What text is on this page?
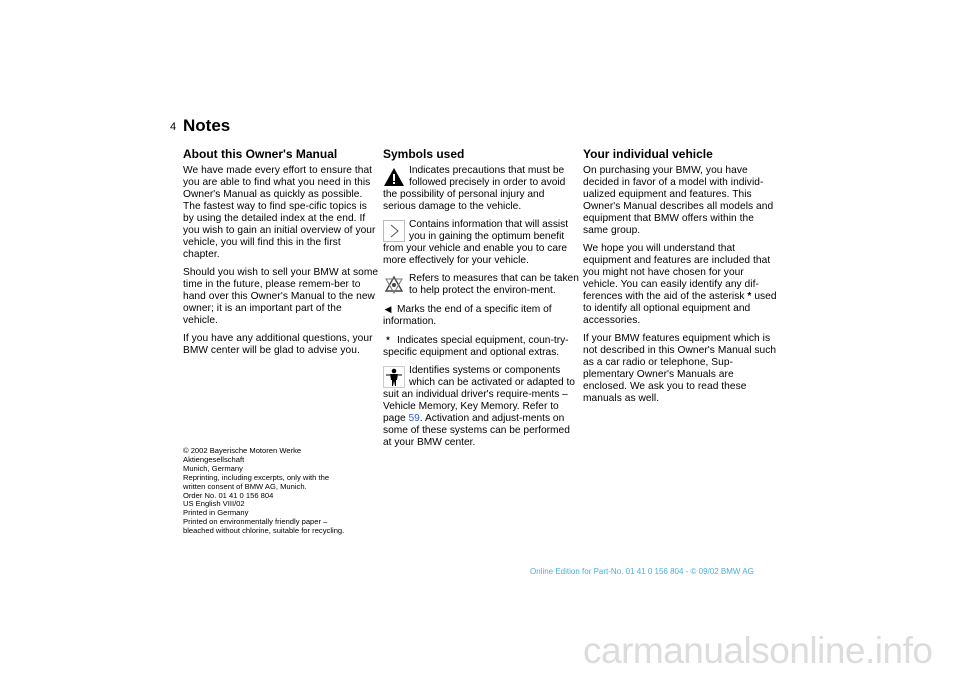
4 Notes
About this Owner's Manual

We have made every effort to ensure that you are able to find what you need in this Owner's Manual as quickly as possible. The fastest way to find spe-cific topics is by using the detailed index at the end. If you wish to gain an initial overview of your vehicle, you will find this in the first chapter.

Should you wish to sell your BMW at some time in the future, please remem-ber to hand over this Owner's Manual to the new owner; it is an important part of the vehicle.

If you have any additional questions, your BMW center will be glad to advise you.

© 2002 Bayerische Motoren Werke
Aktiengesellschaft
Munich, Germany
Reprinting, including excerpts, only with the
written consent of BMW AG, Munich.
Order No. 01 41 0 156 804
US English VIII/02
Printed in Germany
Printed on environmentally friendly paper –
bleached without chlorine, suitable for recycling.
Symbols used
Indicates precautions that must be followed precisely in order to avoid the possibility of personal injury and serious damage to the vehicle.
Contains information that will assist you in gaining the optimum benefit from your vehicle and enable you to care more effectively for your vehicle.
Refers to measures that can be taken to help protect the environ-ment.
◀ Marks the end of a specific item of information.
* Indicates special equipment, coun-try-specific equipment and optional extras.
Identifies systems or components which can be activated or adapted to suit an individual driver's require-ments – Vehicle Memory, Key Memory. Refer to page 59. Activation and adjust-ments on some of these systems can be performed at your BMW center.
Your individual vehicle

On purchasing your BMW, you have decided in favor of a model with individ-ualized equipment and features. This Owner's Manual describes all models and equipment that BMW offers within the same group.

We hope you will understand that equipment and features are included that you might not have chosen for your vehicle. You can easily identify any dif-ferences with the aid of the asterisk * used to identify all optional equipment and accessories.

If your BMW features equipment which is not described in this Owner's Manual such as a car radio or telephone, Sup-plementary Owner's Manuals are enclosed. We ask you to read these manuals as well.

Online Edition for Part-No. 01 41 0 156 804 - © 09/02 BMW AG
carmanualsonline.info
